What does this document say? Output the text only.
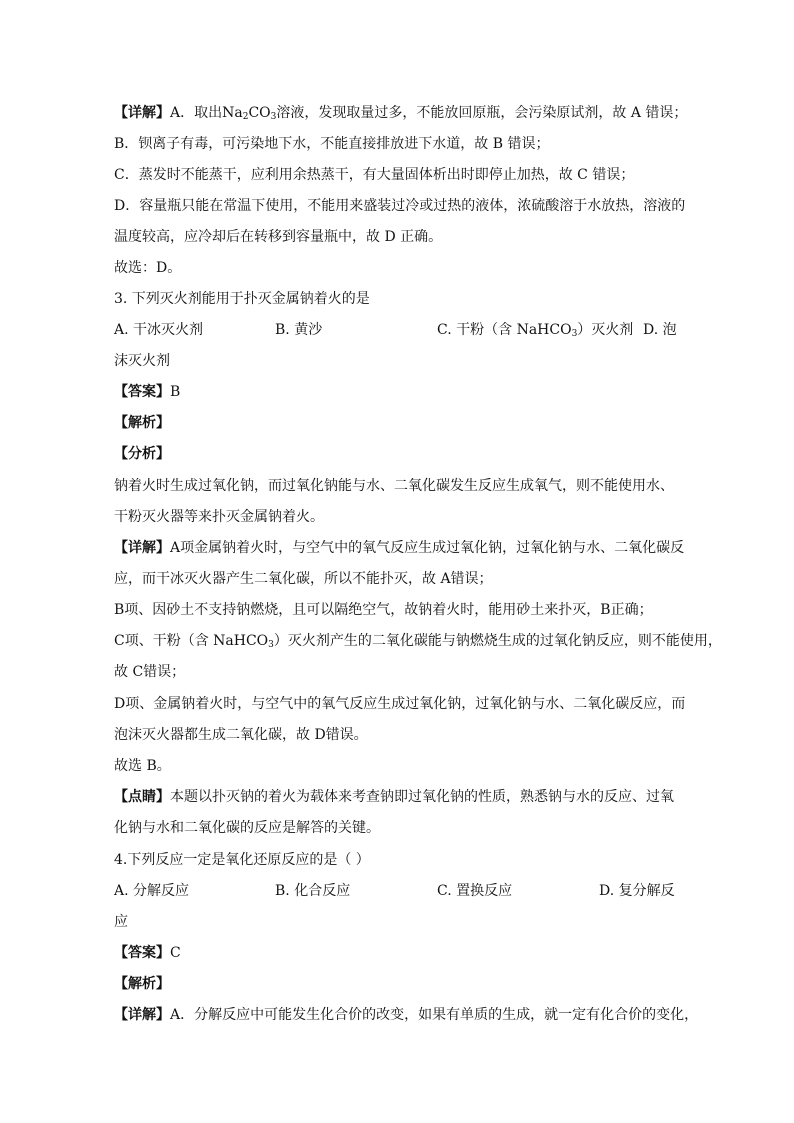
【详解】A．取出$Na_2CO_3$溶液，发现取量过多，不能放回原瓶，会污染原试剂，故 A 错误；
B．钡离子有毒，可污染地下水，不能直接排放进下水道，故 B 错误；
C．蒸发时不能蒸干，应利用余热蒸干，有大量固体析出时即停止加热，故 C 错误；
D．容量瓶只能在常温下使用，不能用来盛装过冷或过热的液体，浓硫酸溶于水放热，溶液的
温度较高，应冷却后在转移到容量瓶中，故 D 正确。
故选：D。
3. 下列灭火剂能用于扑灭金属钠着火的是
A. 干冰灭火剂	B. 黄沙	C. 干粉（含 NaHCO$_3$）灭火剂 D. 泡
沫灭火剂
【答案】B
【解析】
【分析】
钠着火时生成过氧化钠，而过氧化钠能与水、二氧化碳发生反应生成氧气，则不能使用水、
干粉灭火器等来扑灭金属钠着火。
【详解】A项金属钠着火时，与空气中的氧气反应生成过氧化钠，过氧化钠与水、二氧化碳反
应，而干冰灭火器产生二氧化碳，所以不能扑灭，故 A错误；
B项、因砂土不支持钠燃烧，且可以隔绝空气，故钠着火时，能用砂土来扑灭，B正确；
C项、干粉（含 NaHCO$_3$）灭火剂产生的二氧化碳能与钠燃烧生成的过氧化钠反应，则不能使用，
故 C错误；
D项、金属钠着火时，与空气中的氧气反应生成过氧化钠，过氧化钠与水、二氧化碳反应，而
泡沫灭火器都生成二氧化碳，故 D错误。
故选 B。
【点睛】本题以扑灭钠的着火为载体来考查钠即过氧化钠的性质，熟悉钠与水的反应、过氧
化钠与水和二氧化碳的反应是解答的关键。
4.下列反应一定是氧化还原反应的是（ ）
A. 分解反应	B. 化合反应	C. 置换反应	D. 复分解反
应
【答案】C
【解析】
【详解】A．分解反应中可能发生化合价的改变，如果有单质的生成，就一定有化合价的变化，
